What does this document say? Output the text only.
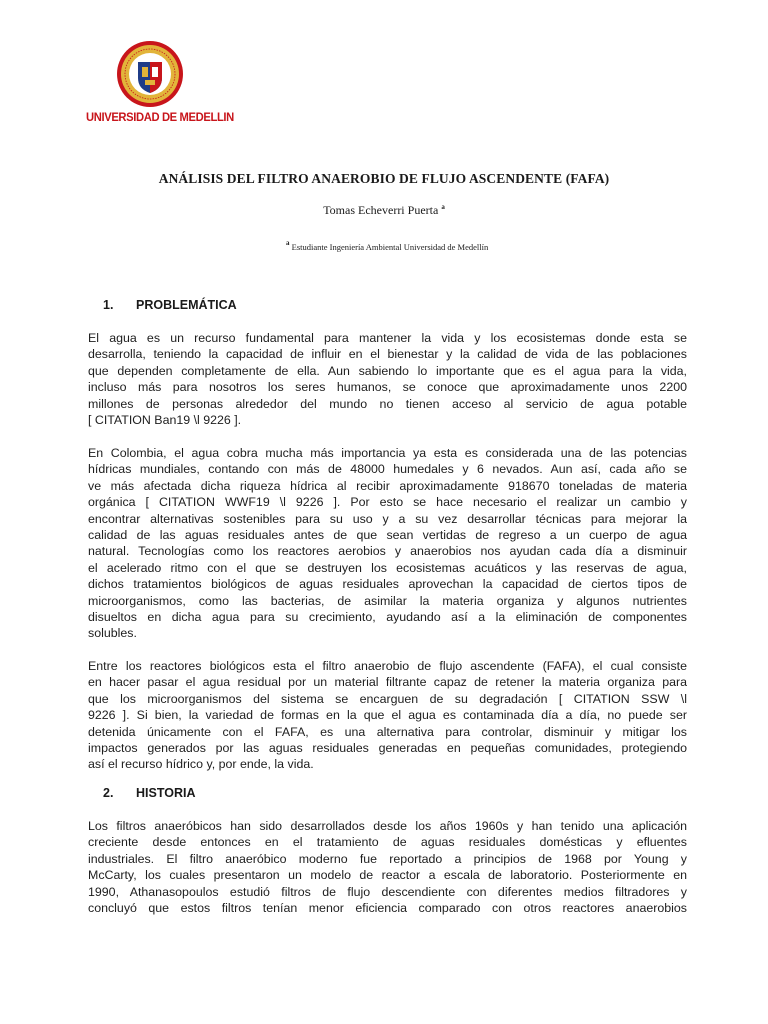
UNIVERSIDAD DE MEDELLIN
ANÁLISIS DEL FILTRO ANAEROBIO DE FLUJO ASCENDENTE (FAFA)
Tomas Echeverri Puerta $^a$
$^a$ Estudiante Ingeniería Ambiental Universidad de Medellín
1. PROBLEMÁTICA
El agua es un recurso fundamental para mantener la vida y los ecosistemas donde esta se
desarrolla, teniendo la capacidad de influir en el bienestar y la calidad de vida de las poblaciones
que dependen completamente de ella. Aun sabiendo lo importante que es el agua para la vida,
incluso más para nosotros los seres humanos, se conoce que aproximadamente unos 2200
millones de personas alrededor del mundo no tienen acceso al servicio de agua potable
[ CITATION Ban19 \l 9226 ].
En Colombia, el agua cobra mucha más importancia ya esta es considerada una de las potencias
hídricas mundiales, contando con más de 48000 humedales y 6 nevados. Aun así, cada año se
ve más afectada dicha riqueza hídrica al recibir aproximadamente 918670 toneladas de materia
orgánica [ CITATION WWF19 \l 9226 ]. Por esto se hace necesario el realizar un cambio y
encontrar alternativas sostenibles para su uso y a su vez desarrollar técnicas para mejorar la
calidad de las aguas residuales antes de que sean vertidas de regreso a un cuerpo de agua
natural. Tecnologías como los reactores aerobios y anaerobios nos ayudan cada día a disminuir
el acelerado ritmo con el que se destruyen los ecosistemas acuáticos y las reservas de agua,
dichos tratamientos biológicos de aguas residuales aprovechan la capacidad de ciertos tipos de
microorganismos, como las bacterias, de asimilar la materia organiza y algunos nutrientes
disueltos en dicha agua para su crecimiento, ayudando así a la eliminación de componentes
solubles.
Entre los reactores biológicos esta el filtro anaerobio de flujo ascendente (FAFA), el cual consiste
en hacer pasar el agua residual por un material filtrante capaz de retener la materia organiza para
que los microorganismos del sistema se encarguen de su degradación [ CITATION SSW \l
9226 ]. Si bien, la variedad de formas en la que el agua es contaminada día a día, no puede ser
detenida únicamente con el FAFA, es una alternativa para controlar, disminuir y mitigar los
impactos generados por las aguas residuales generadas en pequeñas comunidades, protegiendo
así el recurso hídrico y, por ende, la vida.
2. HISTORIA
Los filtros anaeróbicos han sido desarrollados desde los años 1960s y han tenido una aplicación
creciente desde entonces en el tratamiento de aguas residuales domésticas y efluentes
industriales. El filtro anaeróbico moderno fue reportado a principios de 1968 por Young y
McCarty, los cuales presentaron un modelo de reactor a escala de laboratorio. Posteriormente en
1990, Athanasopoulos estudió filtros de flujo descendiente con diferentes medios filtradores y
concluyó que estos filtros tenían menor eficiencia comparado con otros reactores anaerobios
